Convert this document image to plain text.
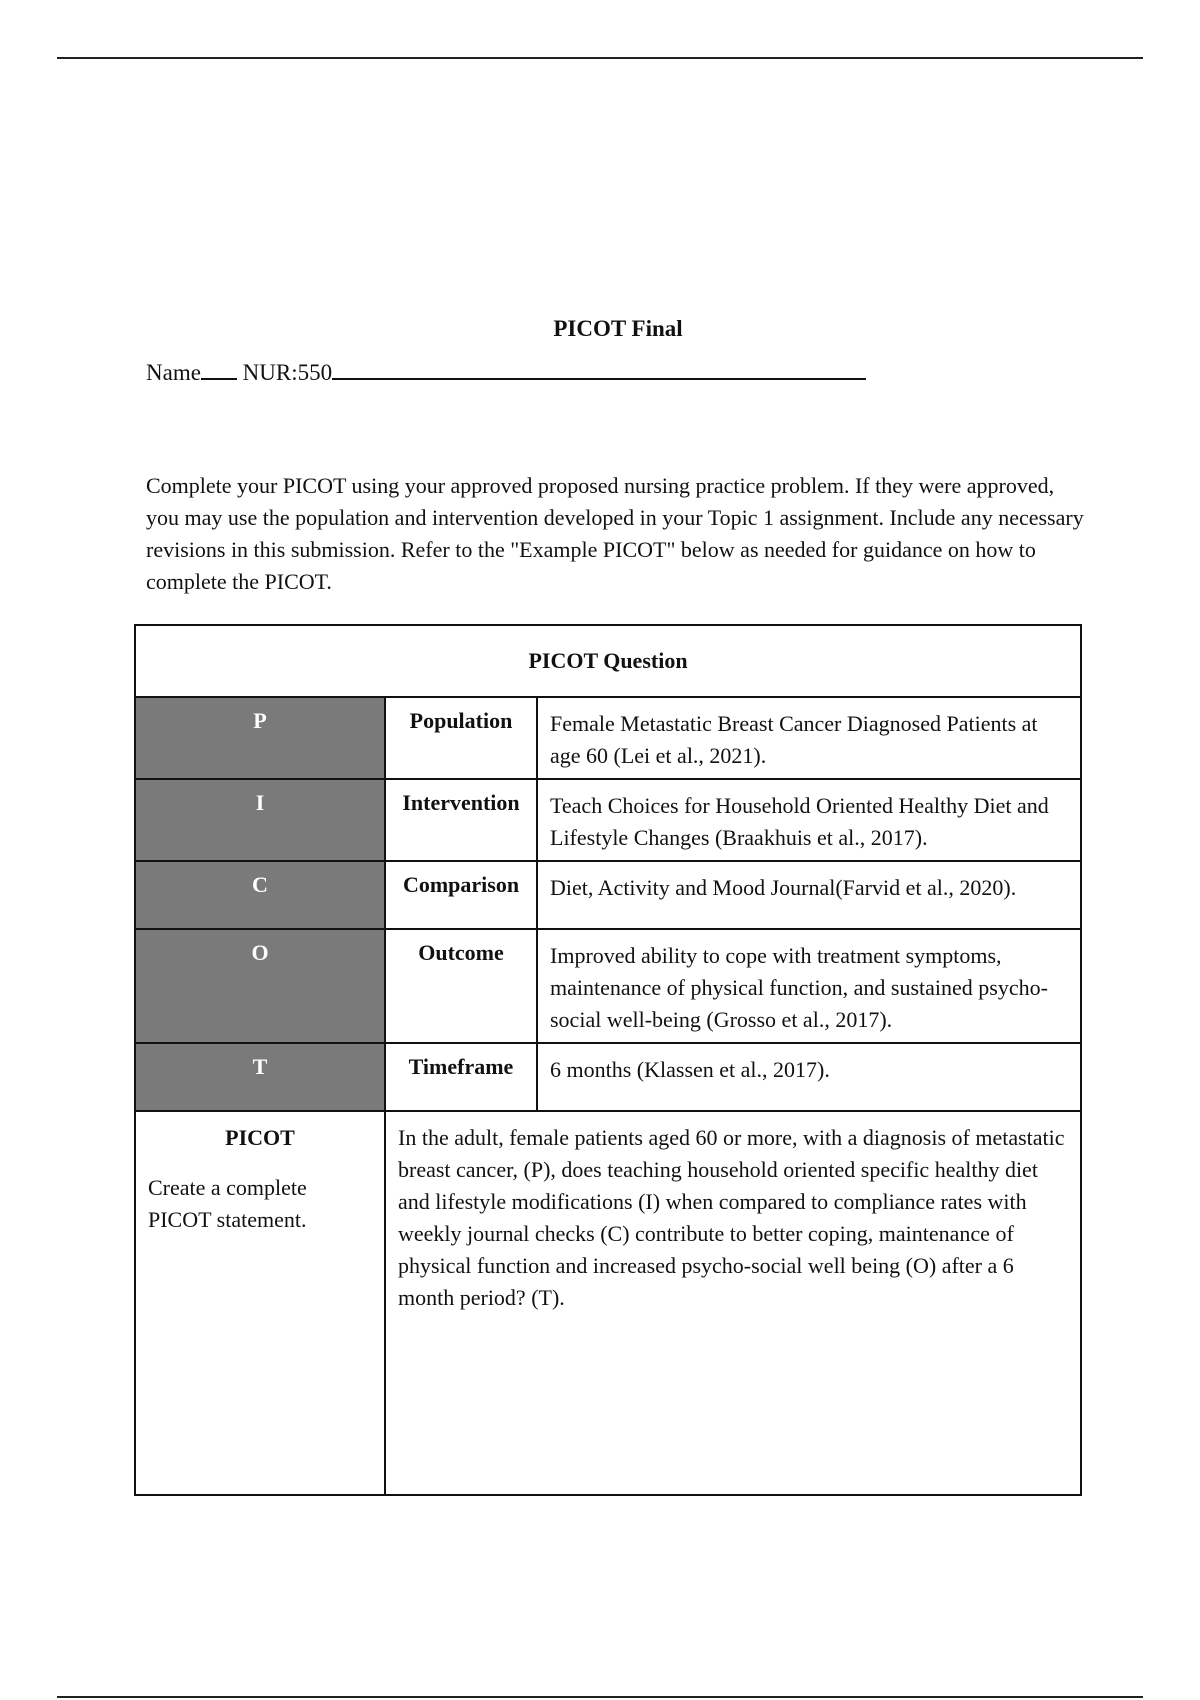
PICOT Final
Name NUR:550

Complete your PICOT using your approved proposed nursing practice problem. If they were approved, you may use the population and intervention developed in your Topic 1 assignment. Include any necessary revisions in this submission. Refer to the "Example PICOT" below as needed for guidance on how to complete the PICOT.

PICOT Question		
P	Population	Female Metastatic Breast Cancer Diagnosed Patients at age 60 (Lei et al., 2021).
I	Intervention	Teach Choices for Household Oriented Healthy Diet and Lifestyle Changes (Braakhuis et al., 2017).
C	Comparison	Diet, Activity and Mood Journal(Farvid et al., 2020).
O	Outcome	Improved ability to cope with treatment symptoms, maintenance of physical function, and sustained psycho-social well-being (Grosso et al., 2017).
T	Timeframe	6 months (Klassen et al., 2017).

PICOT
Create a complete PICOT statement.	In the adult, female patients aged 60 or more, with a diagnosis of metastatic breast cancer, (P), does teaching household oriented specific healthy diet and lifestyle modifications (I) when compared to compliance rates with weekly journal checks (C) contribute to better coping, maintenance of physical function and increased psycho-social well being (O) after a 6 month period? (T).	
